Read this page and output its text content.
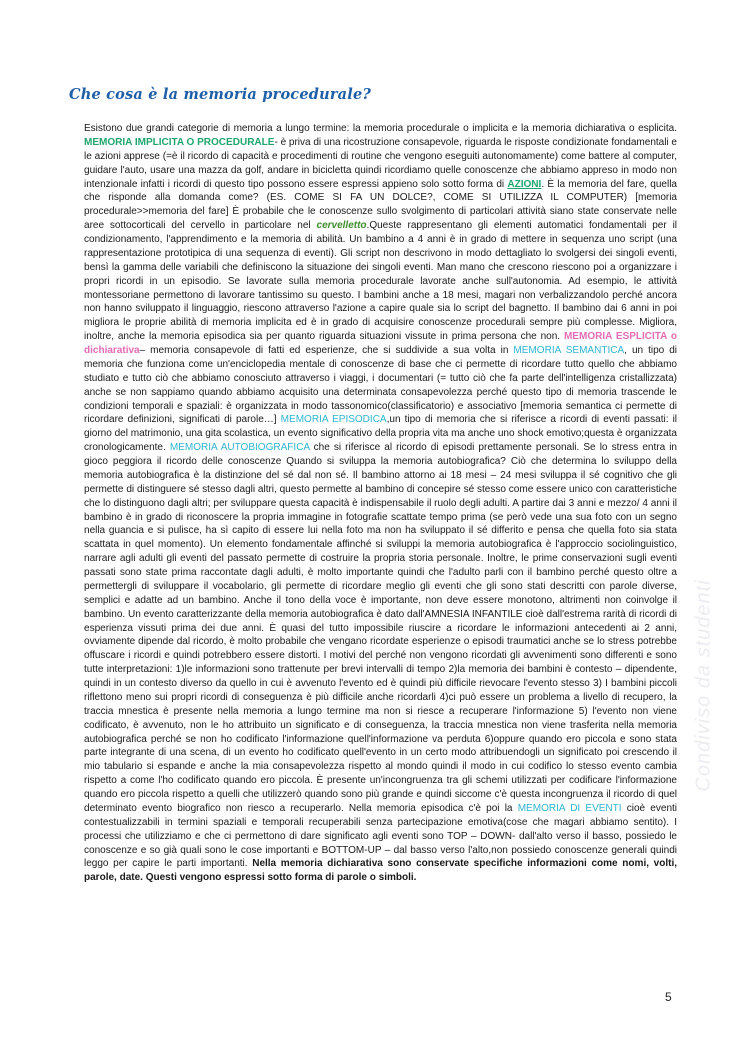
Che cosa è la memoria procedurale?
Esistono due grandi categorie di memoria a lungo termine: la memoria procedurale o implicita e la memoria dichiarativa o esplicita. MEMORIA IMPLICITA O PROCEDURALE- è priva di una ricostruzione consapevole, riguarda le risposte condizionate fondamentali e le azioni apprese (=è il ricordo di capacità e procedimenti di routine che vengono eseguiti autonomamente) come battere al computer, guidare l'auto, usare una mazza da golf, andare in bicicletta quindi ricordiamo quelle conoscenze che abbiamo appreso in modo non intenzionale infatti i ricordi di questo tipo possono essere espressi appieno solo sotto forma di AZIONI. È la memoria del fare, quella che risponde alla domanda come? (ES. COME SI FA UN DOLCE?, COME SI UTILIZZA IL COMPUTER) [memoria procedurale>>memoria del fare] È probabile che le conoscenze sullo svolgimento di particolari attività siano state conservate nelle aree sottocorticali del cervello in particolare nel cervelletto.Queste rappresentano gli elementi automatici fondamentali per il condizionamento, l'apprendimento e la memoria di abilità. Un bambino a 4 anni è in grado di mettere in sequenza uno script (una rappresentazione prototipica di una sequenza di eventi). Gli script non descrivono in modo dettagliato lo svolgersi dei singoli eventi, bensì la gamma delle variabili che definiscono la situazione dei singoli eventi. Man mano che crescono riescono poi a organizzare i propri ricordi in un episodio. Se lavorate sulla memoria procedurale lavorate anche sull'autonomia. Ad esempio, le attività montessoriane permettono di lavorare tantissimo su questo. I bambini anche a 18 mesi, magari non verbalizzandolo perché ancora non hanno sviluppato il linguaggio, riescono attraverso l'azione a capire quale sia lo script del bagnetto. Il bambino dai 6 anni in poi migliora le proprie abilità di memoria implicita ed è in grado di acquisire conoscenze procedurali sempre più complesse. Migliora, inoltre, anche la memoria episodica sia per quanto riguarda situazioni vissute in prima persona che non. MEMORIA ESPLICITA o dichiarativa– memoria consapevole di fatti ed esperienze, che si suddivide a sua volta in MEMORIA SEMANTICA, un tipo di memoria che funziona come un'enciclopedia mentale di conoscenze di base che ci permette di ricordare tutto quello che abbiamo studiato e tutto ciò che abbiamo conosciuto attraverso i viaggi, i documentari (= tutto ciò che fa parte dell'intelligenza cristallizzata) anche se non sappiamo quando abbiamo acquisito una determinata consapevolezza perché questo tipo di memoria trascende le condizioni temporali e spaziali: è organizzata in modo tassonomico(classificatorio) e associativo [memoria semantica ci permette di ricordare definizioni, significati di parole…] MEMORIA EPISODICA,un tipo di memoria che si riferisce a ricordi di eventi passati: il giorno del matrimonio, una gita scolastica, un evento significativo della propria vita ma anche uno shock emotivo;questa è organizzata cronologicamente. MEMORIA AUTOBIOGRAFICA che si riferisce al ricordo di episodi prettamente personali. Se lo stress entra in gioco peggiora il ricordo delle conoscenze Quando si sviluppa la memoria autobiografica? Ciò che determina lo sviluppo della memoria autobiografica è la distinzione del sé dal non sé. Il bambino attorno ai 18 mesi – 24 mesi sviluppa il sé cognitivo che gli permette di distinguere sé stesso dagli altri, questo permette al bambino di concepire sé stesso come essere unico con caratteristiche che lo distinguono dagli altri; per sviluppare questa capacità è indispensabile il ruolo degli adulti. A partire dai 3 anni e mezzo/ 4 anni il bambino è in grado di riconoscere la propria immagine in fotografie scattate tempo prima (se però vede una sua foto con un segno nella guancia e si pulisce, ha sì capito di essere lui nella foto ma non ha sviluppato il sé differito e pensa che quella foto sia stata scattata in quel momento). Un elemento fondamentale affinché si sviluppi la memoria autobiografica è l'approccio sociolinguistico, narrare agli adulti gli eventi del passato permette di costruire la propria storia personale. Inoltre, le prime conservazioni sugli eventi passati sono state prima raccontate dagli adulti, è molto importante quindi che l'adulto parli con il bambino perché questo oltre a permettergli di sviluppare il vocabolario, gli permette di ricordare meglio gli eventi che gli sono stati descritti con parole diverse, semplici e adatte ad un bambino. Anche il tono della voce è importante, non deve essere monotono, altrimenti non coinvolge il bambino. Un evento caratterizzante della memoria autobiografica è dato dall'AMNESIA INFANTILE cioè dall'estrema rarità di ricordi di esperienza vissuti prima dei due anni. È quasi del tutto impossibile riuscire a ricordare le informazioni antecedenti ai 2 anni, ovviamente dipende dal ricordo, è molto probabile che vengano ricordate esperienze o episodi traumatici anche se lo stress potrebbe offuscare i ricordi e quindi potrebbero essere distorti. I motivi del perché non vengono ricordati gli avvenimenti sono differenti e sono tutte interpretazioni: 1)le informazioni sono trattenute per brevi intervalli di tempo 2)la memoria dei bambini è contesto – dipendente, quindi in un contesto diverso da quello in cui è avvenuto l'evento ed è quindi più difficile rievocare l'evento stesso 3) I bambini piccoli riflettono meno sui propri ricordi di conseguenza è più difficile anche ricordarli 4)ci può essere un problema a livello di recupero, la traccia mnestica è presente nella memoria a lungo termine ma non si riesce a recuperare l'informazione 5) l'evento non viene codificato, è avvenuto, non le ho attribuito un significato e di conseguenza, la traccia mnestica non viene trasferita nella memoria autobiografica perché se non ho codificato l'informazione quell'informazione va perduta 6)oppure quando ero piccola e sono stata parte integrante di una scena, di un evento ho codificato quell'evento in un certo modo attribuendogli un significato poi crescendo il mio tabulario si espande e anche la mia consapevolezza rispetto al mondo quindi il modo in cui codifico lo stesso evento cambia rispetto a come l'ho codificato quando ero piccola. È presente un'incongruenza tra gli schemi utilizzati per codificare l'informazione quando ero piccola rispetto a quelli che utilizzerò quando sono più grande e quindi siccome c'è questa incongruenza il ricordo di quel determinato evento biografico non riesco a recuperarlo. Nella memoria episodica c'è poi la MEMORIA DI EVENTI cioè eventi contestualizzabili in termini spaziali e temporali recuperabili senza partecipazione emotiva(cose che magari abbiamo sentito). I processi che utilizziamo e che ci permettono di dare significato agli eventi sono TOP – DOWN- dall'alto verso il basso, possiedo le conoscenze e so già quali sono le cose importanti e BOTTOM-UP – dal basso verso l'alto,non possiedo conoscenze generali quindi leggo per capire le parti importanti. Nella memoria dichiarativa sono conservate specifiche informazioni come nomi, volti, parole, date. Questi vengono espressi sotto forma di parole o simboli.
Condiviso da studenti
5
